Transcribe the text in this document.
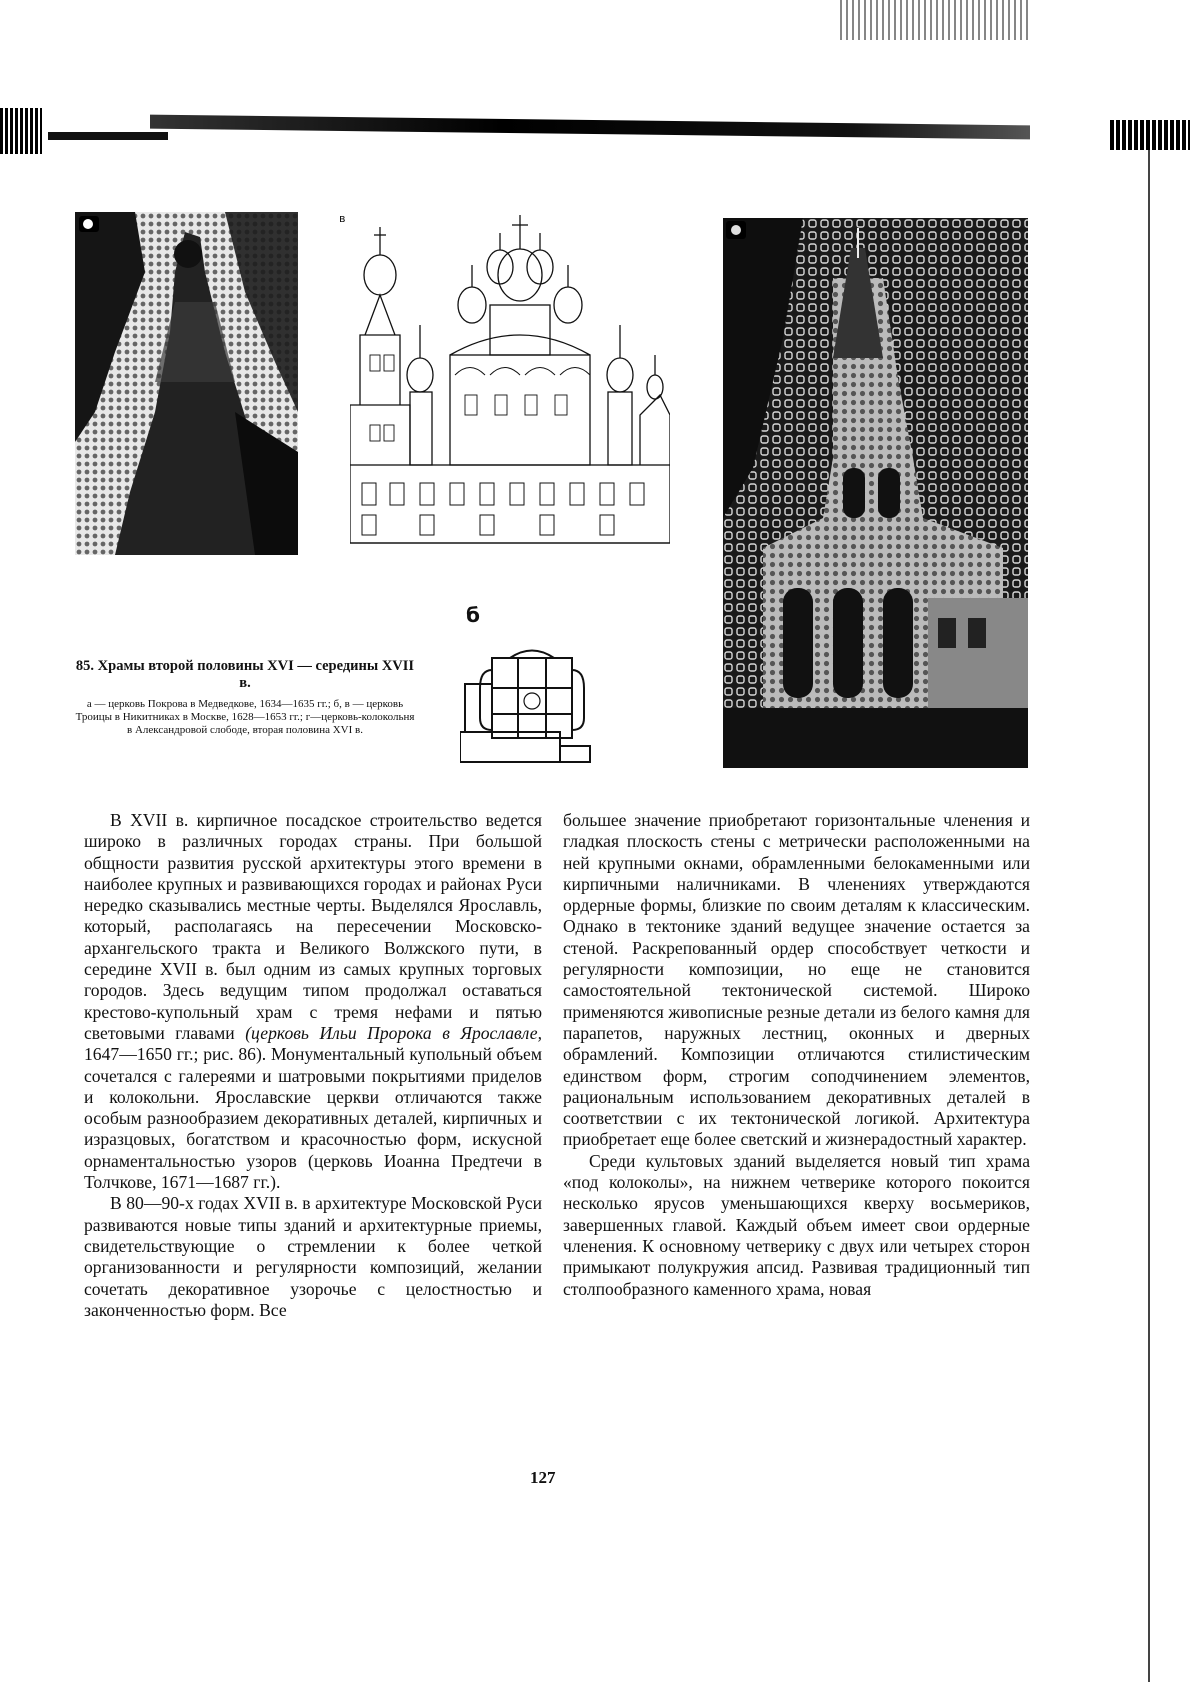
в
б
85. Храмы второй половины XVI — середины XVII в.
а — церковь Покрова в Медведкове, 1634—1635 гг.; б, в — церковь Троицы в Никитниках в Москве, 1628—1653 гг.; г—церковь-колокольня в Александровой слободе, вторая половина XVI в.

В XVII в. кирпичное посадское строительство ведется широко в различных городах страны. При большой общности развития русской архитектуры этого времени в наиболее крупных и развивающихся городах и районах Руси нередко сказывались местные черты. Выделялся Ярославль, который, располагаясь на пересечении Московско-архангельского тракта и Великого Волжского пути, в середине XVII в. был одним из самых крупных торговых городов. Здесь ведущим типом продолжал оставаться крестово-купольный храм с тремя нефами и пятью световыми главами (церковь Ильи Пророка в Ярославле, 1647—1650 гг.; рис. 86). Монументальный купольный объем сочетался с галереями и шатровыми покрытиями приделов и колокольни. Ярославские церкви отличаются также особым разнообразием декоративных деталей, кирпичных и изразцовых, богатством и красочностью форм, искусной орнаментальностью узоров (церковь Иоанна Предтечи в Толчкове, 1671—1687 гг.).

В 80—90-х годах XVII в. в архитектуре Московской Руси развиваются новые типы зданий и архитектурные приемы, свидетельствующие о стремлении к более четкой организованности и регулярности композиций, желании сочетать декоративное узорочье с целостностью и законченностью форм. Все

большее значение приобретают горизонтальные членения и гладкая плоскость стены с метрически расположенными на ней крупными окнами, обрамленными белокаменными или кирпичными наличниками. В членениях утверждаются ордерные формы, близкие по своим деталям к классическим. Однако в тектонике зданий ведущее значение остается за стеной. Раскрепованный ордер способствует четкости и регулярности композиции, но еще не становится самостоятельной тектонической системой. Широко применяются живописные резные детали из белого камня для парапетов, наружных лестниц, оконных и дверных обрамлений. Композиции отличаются стилистическим единством форм, строгим соподчинением элементов, рациональным использованием декоративных деталей в соответствии с их тектонической логикой. Архитектура приобретает еще более светский и жизнерадостный характер.

Среди культовых зданий выделяется новый тип храма «под колоколы», на нижнем четверике которого покоится несколько ярусов уменьшающихся кверху восьмериков, завершенных главой. Каждый объем имеет свои ордерные членения. К основному четверику с двух или четырех сторон примыкают полукружия апсид. Развивая традиционный тип столпообразного каменного храма, новая

127
